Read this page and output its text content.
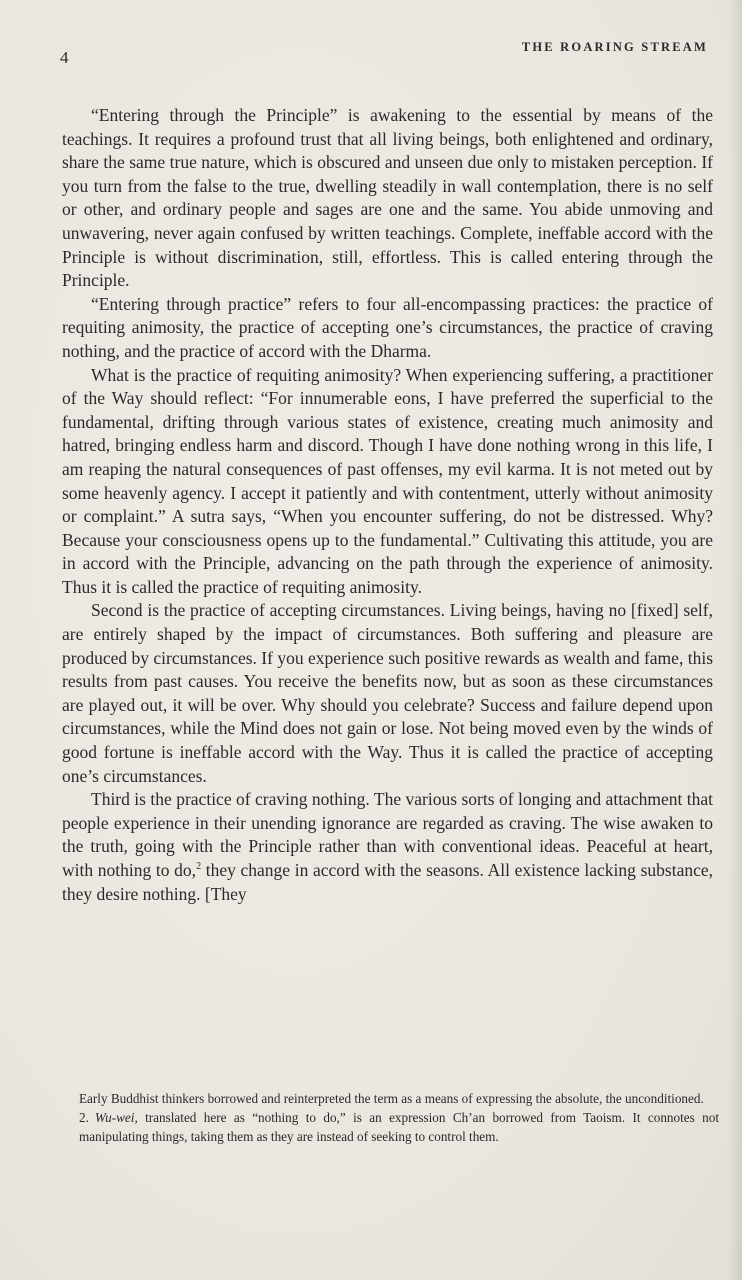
4
THE ROARING STREAM

“Entering through the Principle” is awakening to the essential by means of the teachings. It requires a profound trust that all living beings, both enlightened and ordinary, share the same true nature, which is obscured and unseen due only to mistaken perception. If you turn from the false to the true, dwelling steadily in wall contemplation, there is no self or other, and ordinary people and sages are one and the same. You abide unmoving and unwavering, never again confused by written teachings. Complete, ineffable accord with the Principle is without discrimination, still, effortless. This is called entering through the Principle.

“Entering through practice” refers to four all-encompassing practices: the practice of requiting animosity, the practice of accepting one’s circumstances, the practice of craving nothing, and the practice of accord with the Dharma.

What is the practice of requiting animosity? When experiencing suffering, a practitioner of the Way should reflect: “For innumerable eons, I have preferred the superficial to the fundamental, drifting through various states of existence, creating much animosity and hatred, bringing endless harm and discord. Though I have done nothing wrong in this life, I am reaping the natural consequences of past offenses, my evil karma. It is not meted out by some heavenly agency. I accept it patiently and with contentment, utterly without animosity or complaint.” A sutra says, “When you encounter suffering, do not be distressed. Why? Because your consciousness opens up to the fundamental.” Cultivating this attitude, you are in accord with the Principle, advancing on the path through the experience of animosity. Thus it is called the practice of requiting animosity.

Second is the practice of accepting circumstances. Living beings, having no [fixed] self, are entirely shaped by the impact of circumstances. Both suffering and pleasure are produced by circumstances. If you experience such positive rewards as wealth and fame, this results from past causes. You receive the benefits now, but as soon as these circumstances are played out, it will be over. Why should you celebrate? Success and failure depend upon circumstances, while the Mind does not gain or lose. Not being moved even by the winds of good fortune is ineffable accord with the Way. Thus it is called the practice of accepting one’s circumstances.

Third is the practice of craving nothing. The various sorts of longing and attachment that people experience in their unending ignorance are regarded as craving. The wise awaken to the truth, going with the Principle rather than with conventional ideas. Peaceful at heart, with nothing to do,$^2$ they change in accord with the seasons. All existence lacking substance, they desire nothing. [They

Early Buddhist thinkers borrowed and reinterpreted the term as a means of expressing the absolute, the unconditioned.

2. Wu-wei, translated here as “nothing to do,” is an expression Ch’an borrowed from Taoism. It connotes not manipulating things, taking them as they are instead of seeking to control them.
